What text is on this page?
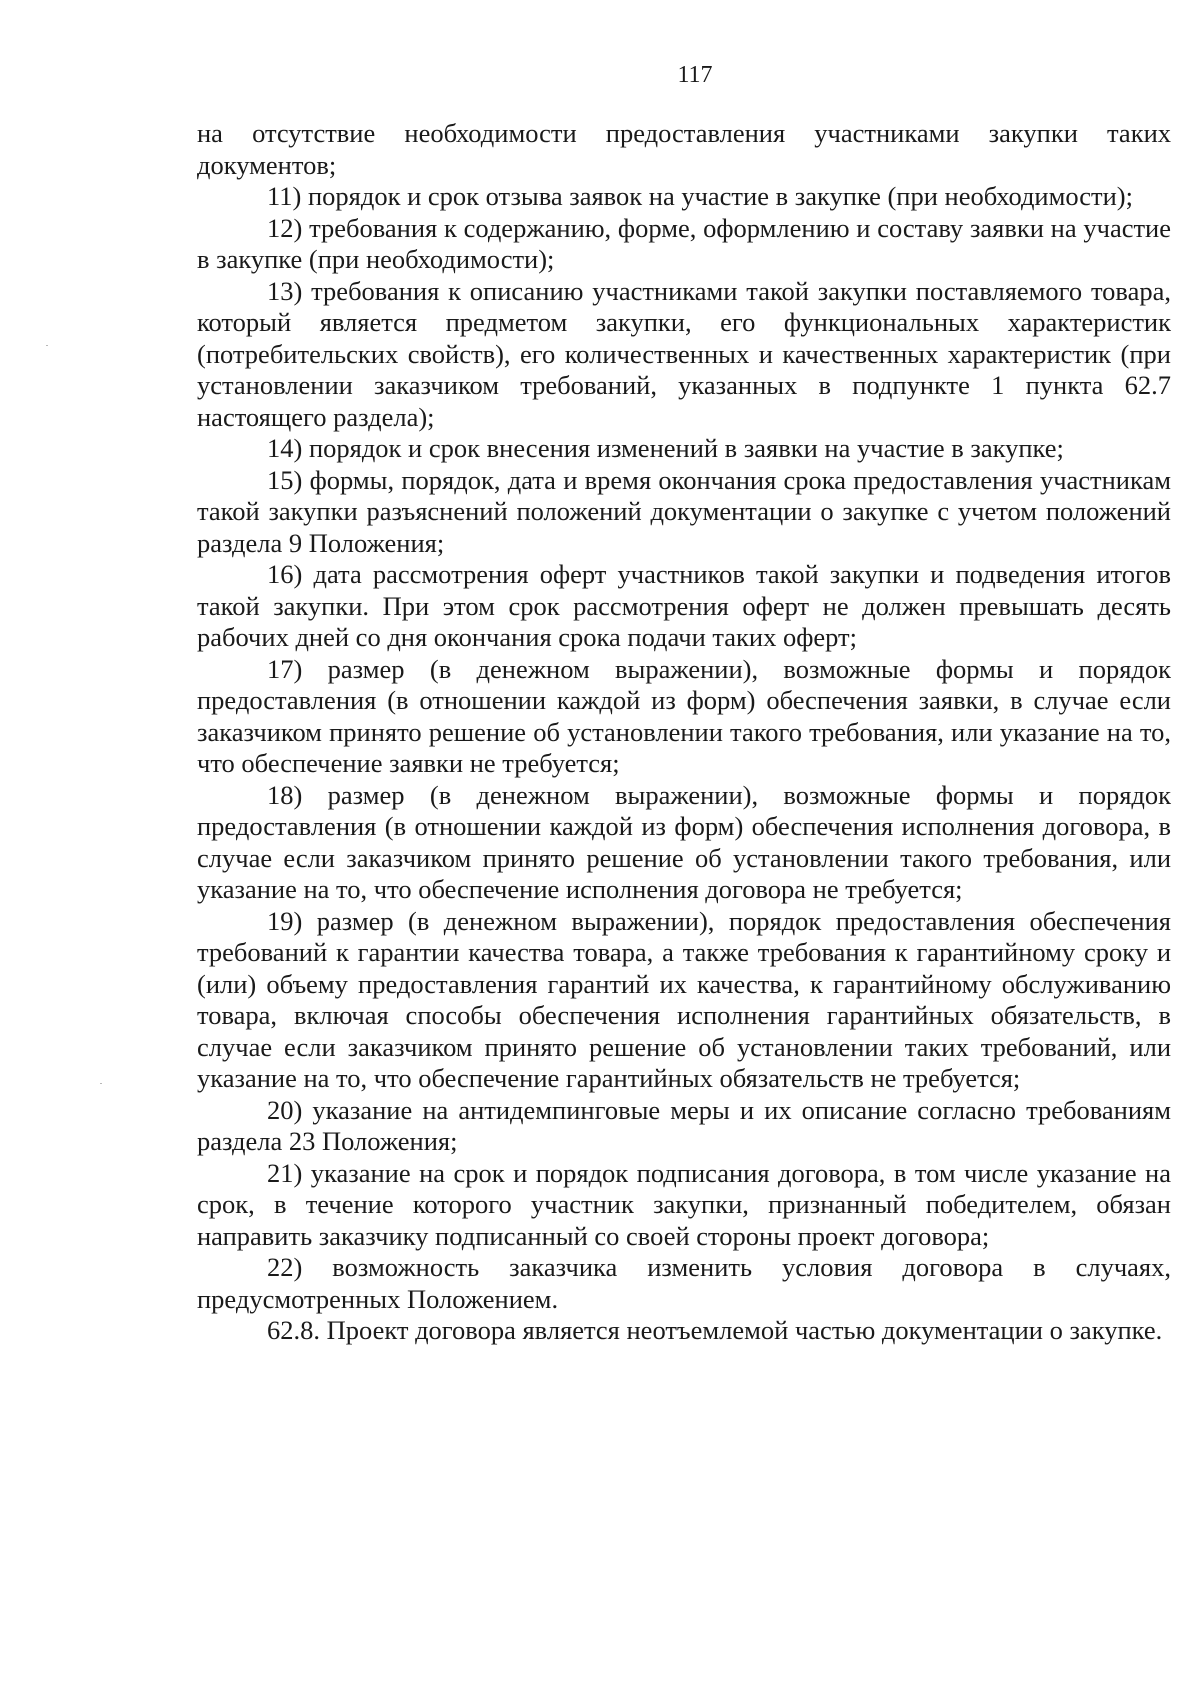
117

на отсутствие необходимости предоставления участниками закупки таких документов;

11) порядок и срок отзыва заявок на участие в закупке (при необходимости);

12) требования к содержанию, форме, оформлению и составу заявки на участие в закупке (при необходимости);

13) требования к описанию участниками такой закупки поставляемого товара, который является предметом закупки, его функциональных характеристик (потребительских свойств), его количественных и качественных характеристик (при установлении заказчиком требований, указанных в подпункте 1 пункта 62.7 настоящего раздела);

14) порядок и срок внесения изменений в заявки на участие в закупке;

15) формы, порядок, дата и время окончания срока предоставления участникам такой закупки разъяснений положений документации о закупке с учетом положений раздела 9 Положения;

16) дата рассмотрения оферт участников такой закупки и подведения итогов такой закупки. При этом срок рассмотрения оферт не должен превышать десять рабочих дней со дня окончания срока подачи таких оферт;

17) размер (в денежном выражении), возможные формы и порядок предоставления (в отношении каждой из форм) обеспечения заявки, в случае если заказчиком принято решение об установлении такого требования, или указание на то, что обеспечение заявки не требуется;

18) размер (в денежном выражении), возможные формы и порядок предоставления (в отношении каждой из форм) обеспечения исполнения договора, в случае если заказчиком принято решение об установлении такого требования, или указание на то, что обеспечение исполнения договора не требуется;

19) размер (в денежном выражении), порядок предоставления обеспечения требований к гарантии качества товара, а также требования к гарантийному сроку и (или) объему предоставления гарантий их качества, к гарантийному обслуживанию товара, включая способы обеспечения исполнения гарантийных обязательств, в случае если заказчиком принято решение об установлении таких требований, или указание на то, что обеспечение гарантийных обязательств не требуется;

20) указание на антидемпинговые меры и их описание согласно требованиям раздела 23 Положения;

21) указание на срок и порядок подписания договора, в том числе указание на срок, в течение которого участник закупки, признанный победителем, обязан направить заказчику подписанный со своей стороны проект договора;

22) возможность заказчика изменить условия договора в случаях, предусмотренных Положением.

62.8. Проект договора является неотъемлемой частью документации о закупке.
